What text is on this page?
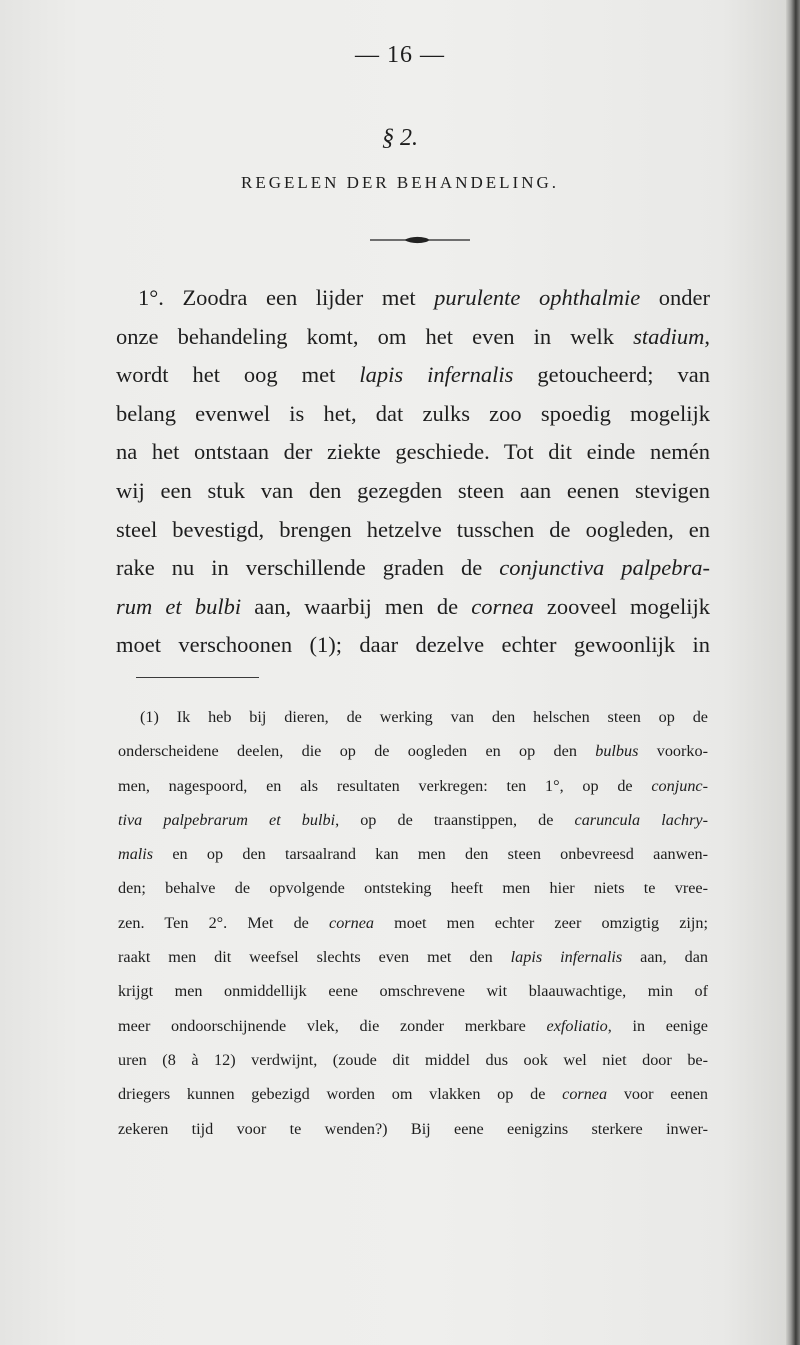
— 16 —
§ 2.
REGELEN DER BEHANDELING.
1°. Zoodra een lijder met purulente ophthalmie onder
onze behandeling komt, om het even in welk stadium,
wordt het oog met lapis infernalis getoucheerd; van
belang evenwel is het, dat zulks zoo spoedig mogelijk
na het ontstaan der ziekte geschiede. Tot dit einde nemén
wij een stuk van den gezegden steen aan eenen stevigen
steel bevestigd, brengen hetzelve tusschen de oogleden, en
rake nu in verschillende graden de conjunctiva palpebra-
rum et bulbi aan, waarbij men de cornea zooveel mogelijk
moet verschoonen (1); daar dezelve echter gewoonlijk in
(1) Ik heb bij dieren, de werking van den helschen steen op de
onderscheidene deelen, die op de oogleden en op den bulbus voorko-
men, nagespoord, en als resultaten verkregen: ten 1°, op de conjunc-
tiva palpebrarum et bulbi, op de traanstippen, de caruncula lachry-
malis en op den tarsaalrand kan men den steen onbevreesd aanwen-
den; behalve de opvolgende ontsteking heeft men hier niets te vree-
zen. Ten 2°. Met de cornea moet men echter zeer omzigtig zijn;
raakt men dit weefsel slechts even met den lapis infernalis aan, dan
krijgt men onmiddellijk eene omschrevene wit blaauwachtige, min of
meer ondoorschijnende vlek, die zonder merkbare exfoliatio, in eenige
uren (8 à 12) verdwijnt, (zoude dit middel dus ook wel niet door be-
driegers kunnen gebezigd worden om vlakken op de cornea voor eenen
zekeren tijd voor te wenden?) Bij eene eenigzins sterkere inwer-
